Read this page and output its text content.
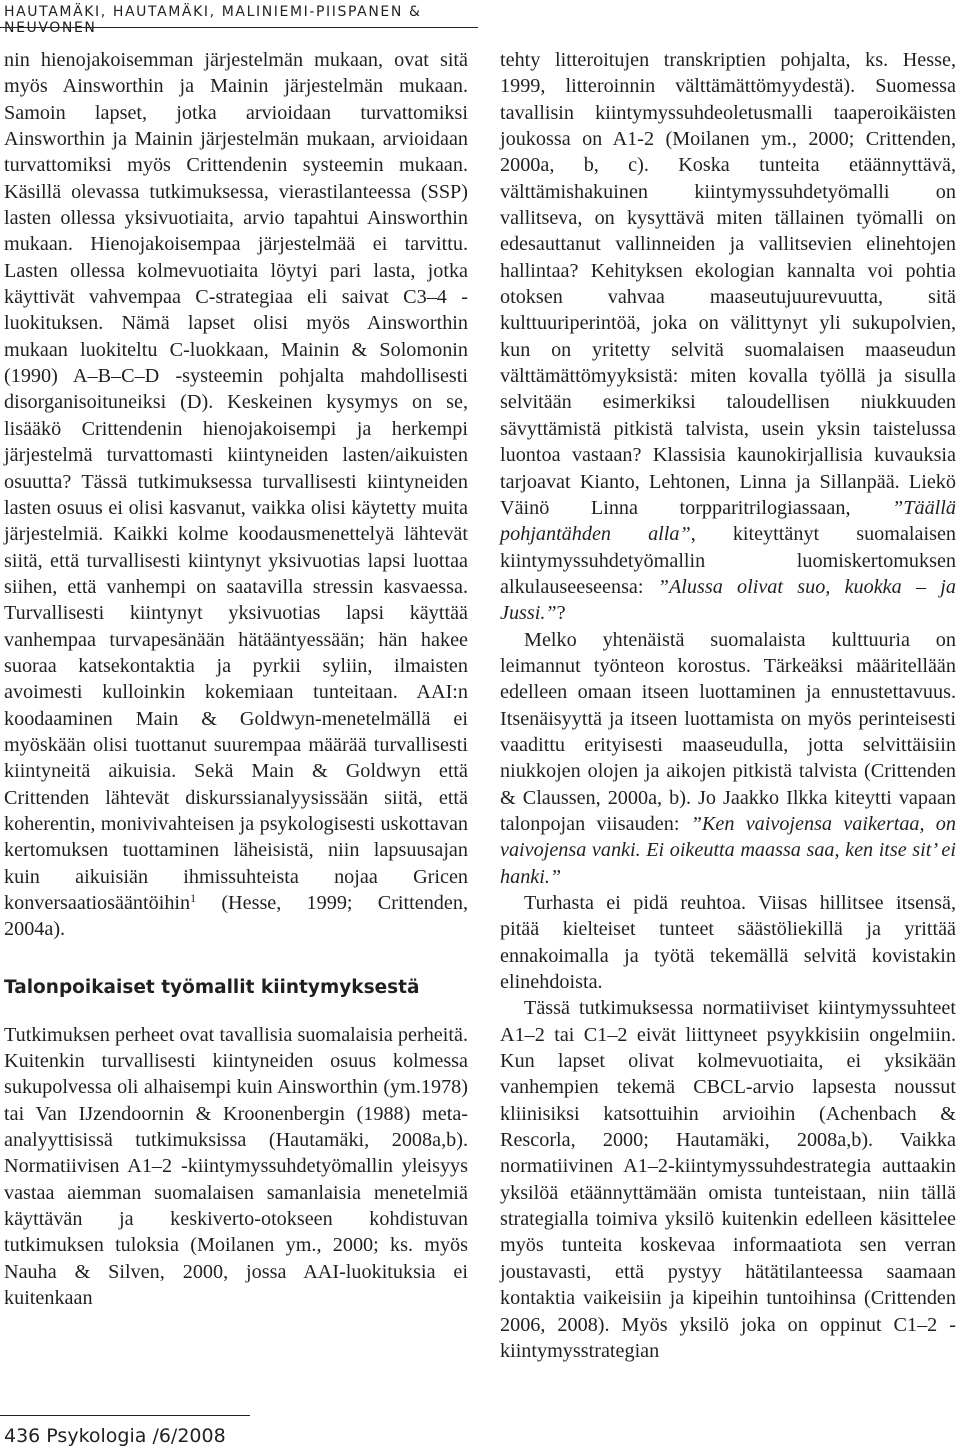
HAUTAMÄKI, HAUTAMÄKI, MALINIEMI-PIISPANEN & NEUVONEN

nin hienojakoisemman järjestelmän mukaan, ovat sitä myös Ainsworthin ja Mainin järjestelmän mukaan. Samoin lapset, jotka arvioidaan turvattomiksi Ainsworthin ja Mainin järjestelmän mukaan, arvioidaan turvattomiksi myös Crittendenin systeemin mukaan. Käsillä olevassa tutkimuksessa, vierastilanteessa (SSP) lasten ollessa yksivuotiaita, arvio tapahtui Ainsworthin mukaan. Hienojakoisempaa järjestelmää ei tarvittu. Lasten ollessa kolmevuotiaita löytyi pari lasta, jotka käyttivät vahvempaa C-strategiaa eli saivat C3–4 -luokituksen. Nämä lapset olisi myös Ainsworthin mukaan luokiteltu C-luokkaan, Mainin & Solomonin (1990) A–B–C–D -systeemin pohjalta mahdollisesti disorganisoituneiksi (D). Keskeinen kysymys on se, lisääkö Crittendenin hienojakoisempi ja herkempi järjestelmä turvattomasti kiintyneiden lasten/aikuisten osuutta? Tässä tutkimuksessa turvallisesti kiintyneiden lasten osuus ei olisi kasvanut, vaikka olisi käytetty muita järjestelmiä. Kaikki kolme koodausmenettelyä lähtevät siitä, että turvallisesti kiintynyt yksivuotias lapsi luottaa siihen, että vanhempi on saatavilla stressin kasvaessa. Turvallisesti kiintynyt yksivuotias lapsi käyttää vanhempaa turvapesänään hätääntyessään; hän hakee suoraa katsekontaktia ja pyrkii syliin, ilmaisten avoimesti kulloinkin kokemiaan tunteitaan. AAI:n koodaaminen Main & Goldwyn-menetelmällä ei myöskään olisi tuottanut suurempaa määrää turvallisesti kiintyneitä aikuisia. Sekä Main & Goldwyn että Crittenden lähtevät diskurssianalyysissään siitä, että koherentin, monivivahteisen ja psykologisesti uskottavan kertomuksen tuottaminen läheisistä, niin lapsuusajan kuin aikuisiän ihmissuhteista nojaa Gricen konversaatiosääntöihin$^1$ (Hesse, 1999; Crittenden, 2004a).

Talonpoikaiset työmallit kiintymyksestä

Tutkimuksen perheet ovat tavallisia suomalaisia perheitä. Kuitenkin turvallisesti kiintyneiden osuus kolmessa sukupolvessa oli alhaisempi kuin Ainsworthin (ym.1978) tai Van IJzendoornin & Kroonenbergin (1988) meta-analyyttisissä tutkimuksissa (Hautamäki, 2008a,b). Normatiivisen A1–2 -kiintymyssuhdetyömallin yleisyys vastaa aiemman suomalaisen samanlaisia menetelmiä käyttävän ja keskiverto-otokseen kohdistuvan tutkimuksen tuloksia (Moilanen ym., 2000; ks. myös Nauha & Silven, 2000, jossa AAI-luokituksia ei kuitenkaan

tehty litteroitujen transkriptien pohjalta, ks. Hesse, 1999, litteroinnin välttämättömyydestä). Suomessa tavallisin kiintymyssuhdeoletusmalli taaperoikäisten joukossa on A1-2 (Moilanen ym., 2000; Crittenden, 2000a, b, c). Koska tunteita etäännyttävä, välttämishakuinen kiintymyssuhdetyömalli on vallitseva, on kysyttävä miten tällainen työmalli on edesauttanut vallinneiden ja vallitsevien elinehtojen hallintaa? Kehityksen ekologian kannalta voi pohtia otoksen vahvaa maaseutujuurevuutta, sitä kulttuuriperintöä, joka on välittynyt yli sukupolvien, kun on yritetty selvitä suomalaisen maaseudun välttämättömyyksistä: miten kovalla työllä ja sisulla selvitään esimerkiksi taloudellisen niukkuuden sävyttämistä pitkistä talvista, usein yksin taistelussa luontoa vastaan? Klassisia kaunokirjallisia kuvauksia tarjoavat Kianto, Lehtonen, Linna ja Sillanpää. Liekö Väinö Linna torpparitrilogiassaan, ”Täällä pohjantähden alla”, kiteyttänyt suomalaisen kiintymyssuhdetyömallin luomiskertomuksen alkulauseeseensa: ”Alussa olivat suo, kuokka – ja Jussi.”?

Melko yhtenäistä suomalaista kulttuuria on leimannut työnteon korostus. Tärkeäksi määritellään edelleen omaan itseen luottaminen ja ennustettavuus. Itsenäisyyttä ja itseen luottamista on myös perinteisesti vaadittu erityisesti maaseudulla, jotta selvittäisiin niukkojen olojen ja aikojen pitkistä talvista (Crittenden & Claussen, 2000a, b). Jo Jaakko Ilkka kiteytti vapaan talonpojan viisauden: ”Ken vaivojensa vaikertaa, on vaivojensa vanki. Ei oikeutta maassa saa, ken itse sit’ ei hanki.”

Turhasta ei pidä reuhtoa. Viisas hillitsee itsensä, pitää kielteiset tunteet säästöliekillä ja yrittää ennakoimalla ja työtä tekemällä selvitä kovistakin elinehdoista.

Tässä tutkimuksessa normatiiviset kiintymyssuhteet A1–2 tai C1–2 eivät liittyneet psyykkisiin ongelmiin. Kun lapset olivat kolmevuotiaita, ei yksikään vanhempien tekemä CBCL-arvio lapsesta noussut kliinisiksi katsottuihin arvioihin (Achenbach & Rescorla, 2000; Hautamäki, 2008a,b). Vaikka normatiivinen A1–2-kiintymyssuhdestrategia auttaakin yksilöä etäännyttämään omista tunteistaan, niin tällä strategialla toimiva yksilö kuitenkin edelleen käsittelee myös tunteita koskevaa informaatiota sen verran joustavasti, että pystyy hätätilanteessa saamaan kontaktia vaikeisiin ja kipeihin tuntoihinsa (Crittenden 2006, 2008). Myös yksilö joka on oppinut C1–2 -kiintymysstrategian

436 Psykologia /6/2008
